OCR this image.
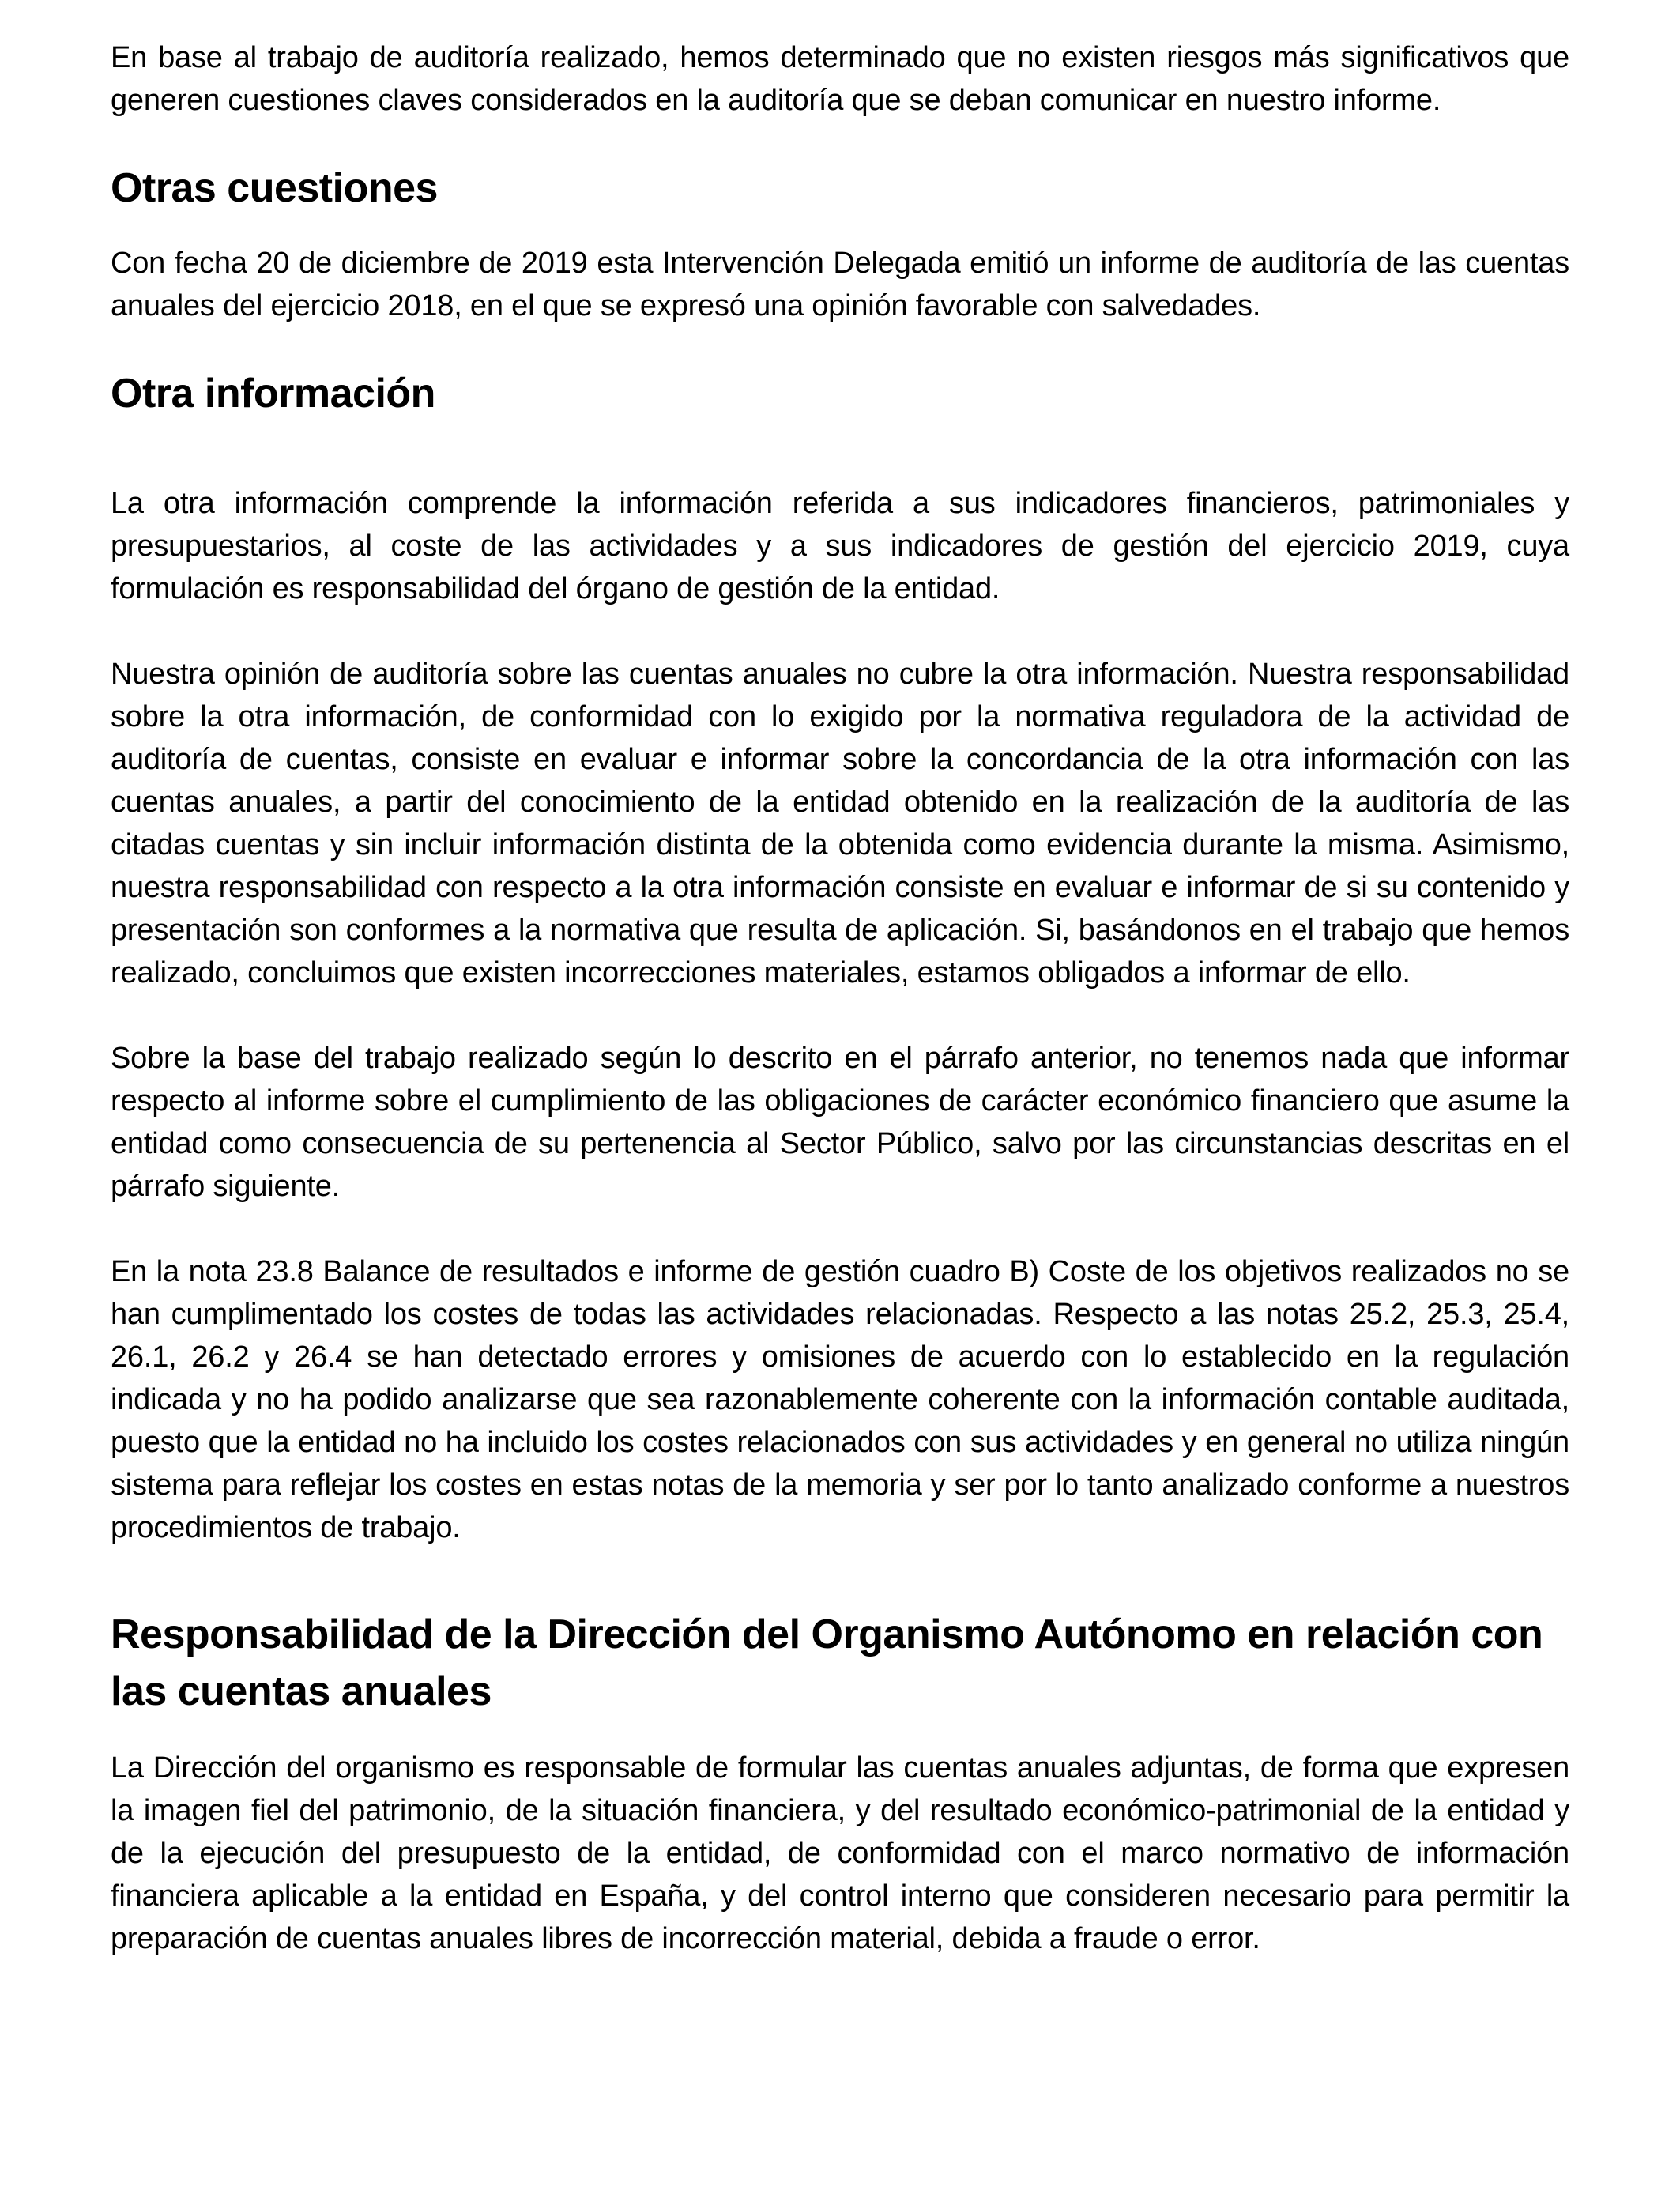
En base al trabajo de auditoría realizado, hemos determinado que no existen riesgos más significativos que generen cuestiones claves considerados en la auditoría que se deban comunicar en nuestro informe.

Otras cuestiones

Con fecha 20 de diciembre de 2019 esta Intervención Delegada emitió un informe de auditoría de las cuentas anuales del ejercicio 2018, en el que se expresó una opinión favorable con salvedades.

Otra información

La otra información comprende la información referida a sus indicadores financieros, patrimoniales y presupuestarios, al coste de las actividades y a sus indicadores de gestión del ejercicio 2019, cuya formulación es responsabilidad del órgano de gestión de la entidad.

Nuestra opinión de auditoría sobre las cuentas anuales no cubre la otra información. Nuestra responsabilidad sobre la otra información, de conformidad con lo exigido por la normativa reguladora de la actividad de auditoría de cuentas, consiste en evaluar e informar sobre la concordancia de la otra información con las cuentas anuales, a partir del conocimiento de la entidad obtenido en la realización de la auditoría de las citadas cuentas y sin incluir información distinta de la obtenida como evidencia durante la misma. Asimismo, nuestra responsabilidad con respecto a la otra información consiste en evaluar e informar de si su contenido y presentación son conformes a la normativa que resulta de aplicación. Si, basándonos en el trabajo que hemos realizado, concluimos que existen incorrecciones materiales, estamos obligados a informar de ello.

Sobre la base del trabajo realizado según lo descrito en el párrafo anterior, no tenemos nada que informar respecto al informe sobre el cumplimiento de las obligaciones de carácter económico financiero que asume la entidad como consecuencia de su pertenencia al Sector Público, salvo por las circunstancias descritas en el párrafo siguiente.

En la nota 23.8 Balance de resultados e informe de gestión cuadro B) Coste de los objetivos realizados no se han cumplimentado los costes de todas las actividades relacionadas. Respecto a las notas 25.2, 25.3, 25.4, 26.1, 26.2 y 26.4 se han detectado errores y omisiones de acuerdo con lo establecido en la regulación indicada y no ha podido analizarse que sea razonablemente coherente con la información contable auditada, puesto que la entidad no ha incluido los costes relacionados con sus actividades y en general no utiliza ningún sistema para reflejar los costes en estas notas de la memoria y ser por lo tanto analizado conforme a nuestros procedimientos de trabajo.

Responsabilidad de la Dirección del Organismo Autónomo en relación con las cuentas anuales

La Dirección del organismo es responsable de formular las cuentas anuales adjuntas, de forma que expresen la imagen fiel del patrimonio, de la situación financiera, y del resultado económico-patrimonial de la entidad y de la ejecución del presupuesto de la entidad, de conformidad con el marco normativo de información financiera aplicable a la entidad en España, y del control interno que consideren necesario para permitir la preparación de cuentas anuales libres de incorrección material, debida a fraude o error.
